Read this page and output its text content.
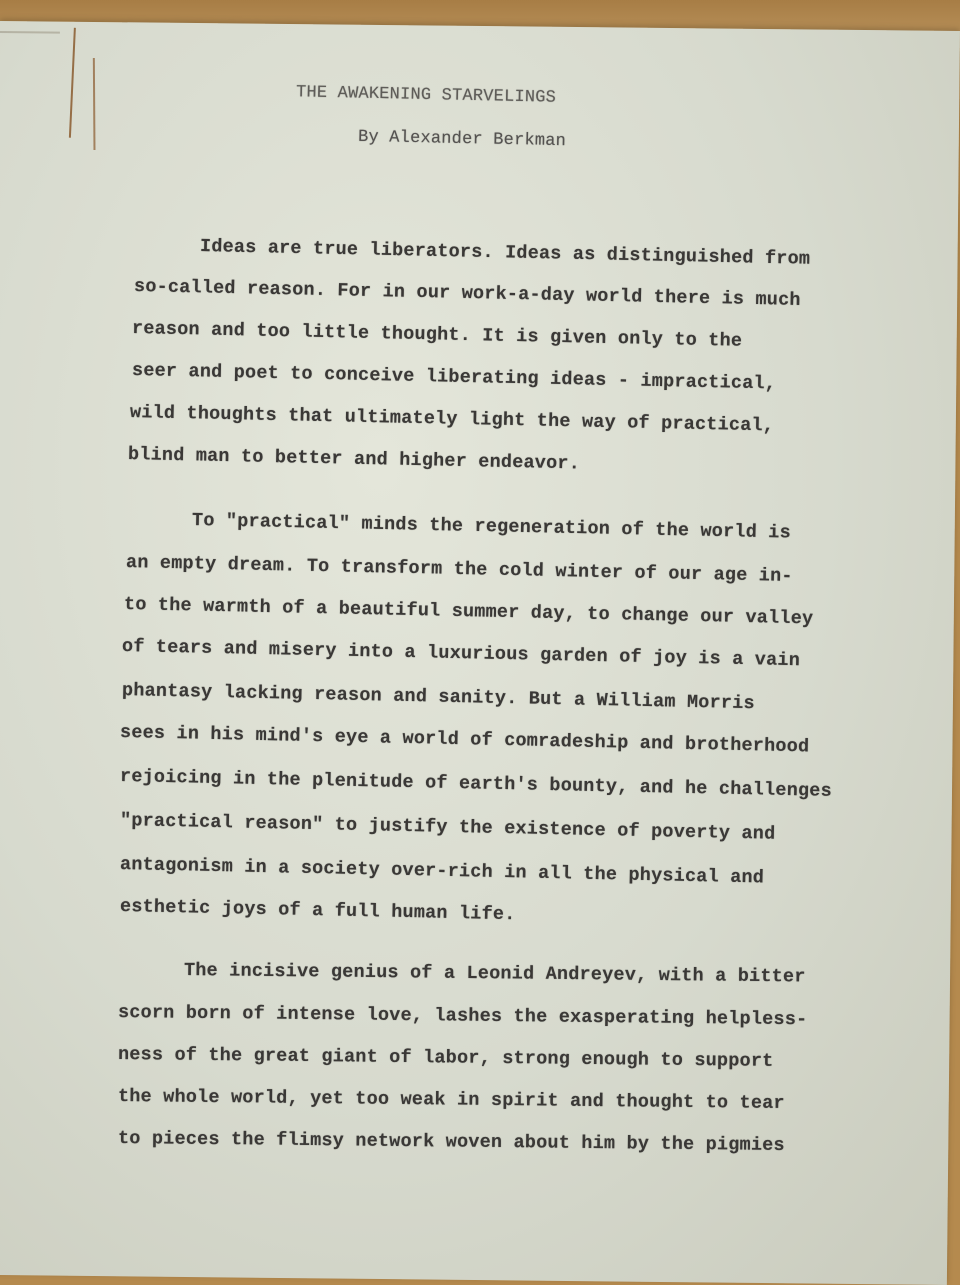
THE AWAKENING STARVELINGS
By Alexander Berkman
Ideas are true liberators. Ideas as distinguished from
so-called reason. For in our work-a-day world there is much
reason and too little thought. It is given only to the
seer and poet to conceive liberating ideas - impractical,
wild thoughts that ultimately light the way of practical,
blind man to better and higher endeavor.
To "practical" minds the regeneration of the world is
an empty dream. To transform the cold winter of our age in-
to the warmth of a beautiful summer day, to change our valley
of tears and misery into a luxurious garden of joy is a vain
phantasy lacking reason and sanity. But a William Morris
sees in his mind's eye a world of comradeship and brotherhood
rejoicing in the plenitude of earth's bounty, and he challenges
"practical reason" to justify the existence of poverty and
antagonism in a society over-rich in all the physical and
esthetic joys of a full human life.
The incisive genius of a Leonid Andreyev, with a bitter
scorn born of intense love, lashes the exasperating helpless-
ness of the great giant of labor, strong enough to support
the whole world, yet too weak in spirit and thought to tear
to pieces the flimsy network woven about him by the pigmies
